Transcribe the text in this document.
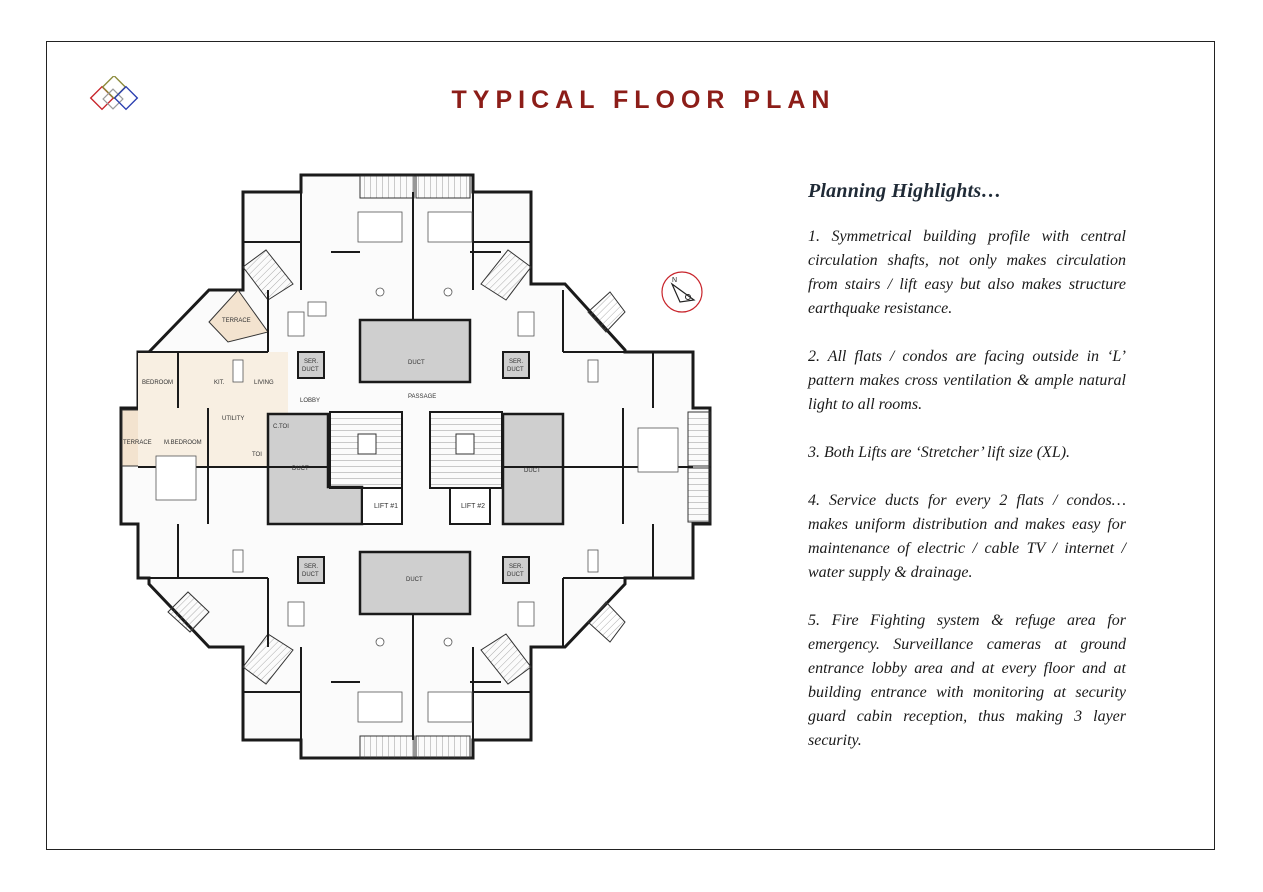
TYPICAL FLOOR PLAN
TERRACE
BEDROOM	KIT.	LIVING
LOBBY
PASSAGE
UTILITY
C.TOI
TERRACE M.BEDROOM
TOI
DUCT
DUCT	DUCT
DUCT
SER.
DUCT
SER.
DUCT
SER.
DUCT
SER.
DUCT
LIFT #1	LIFT #2
N
Planning Highlights…

1. Symmetrical building profile with central circulation shafts, not only makes circulation from stairs / lift easy but also makes structure earthquake resistance.

2. All flats / condos are facing outside in ‘L’ pattern makes cross ventilation & ample natural light to all rooms.

3. Both Lifts are ‘Stretcher’ lift size (XL).

4. Service ducts for every 2 flats / condos… makes uniform distribution and makes easy for maintenance of electric / cable TV / internet / water supply & drainage.

5. Fire Fighting system & refuge area for emergency. Surveillance cameras at ground entrance lobby area and at every floor and at building entrance with monitoring at security guard cabin reception, thus making 3 layer security.
